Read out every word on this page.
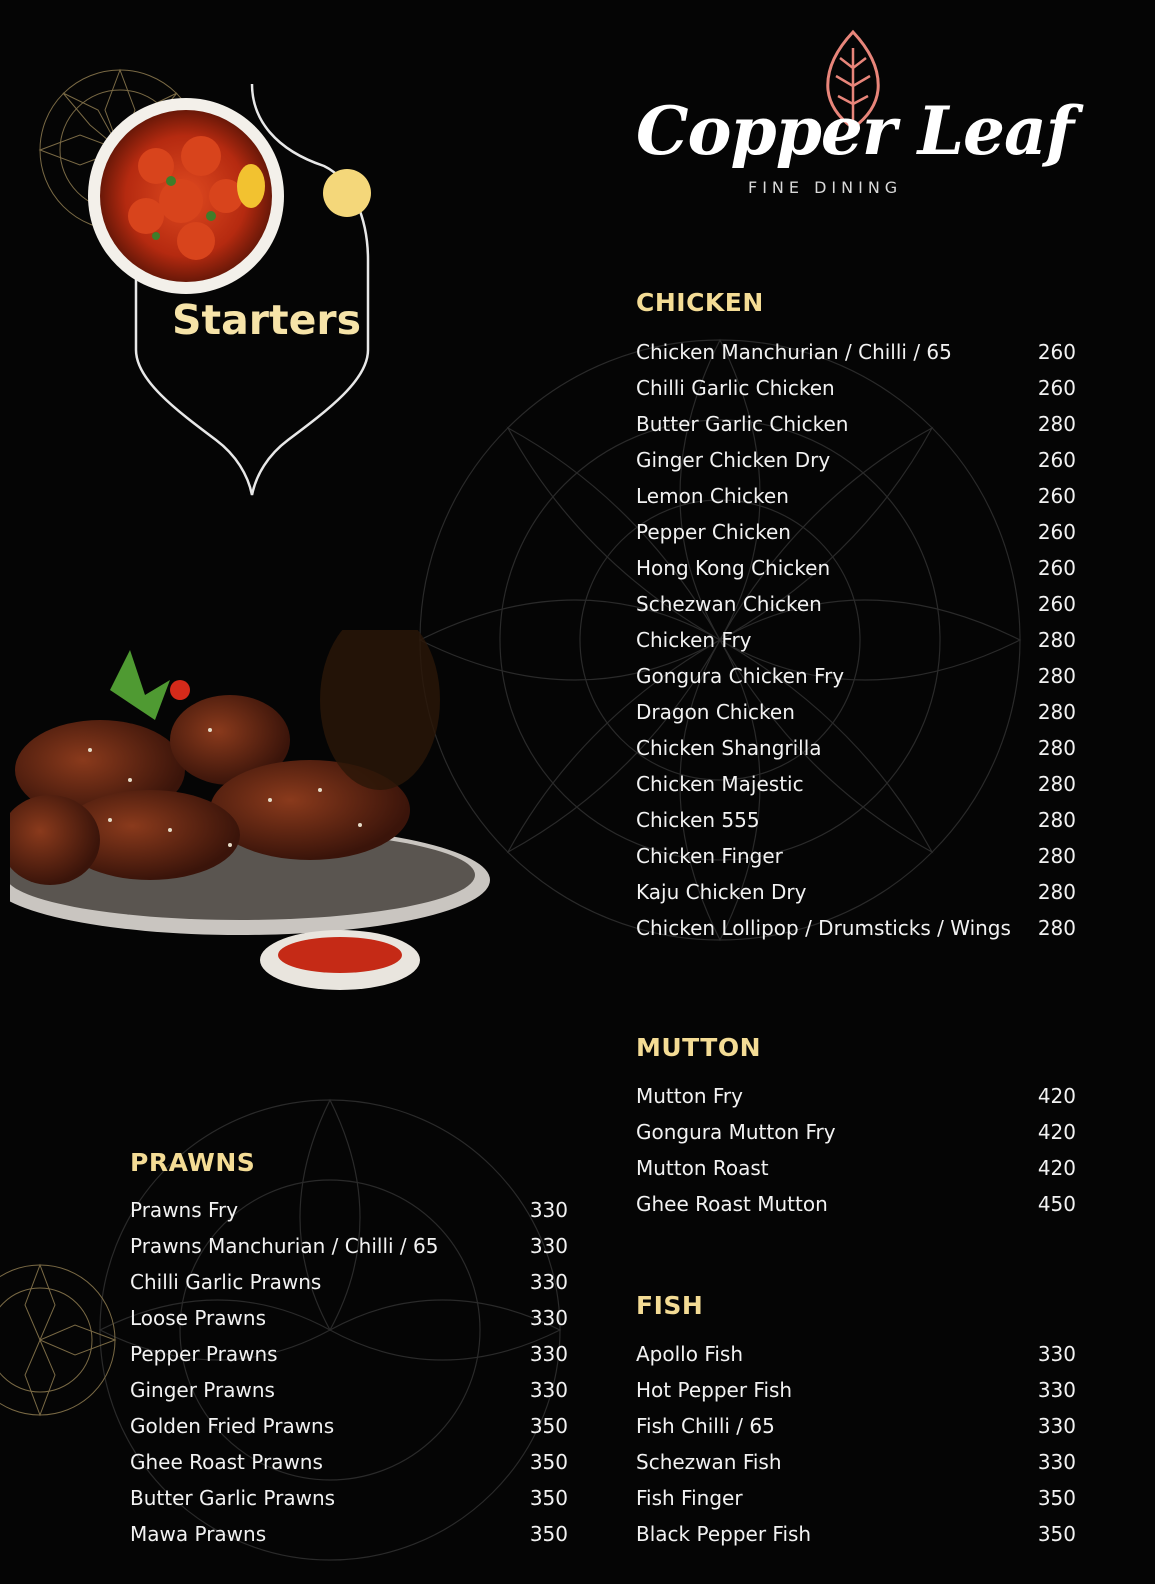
Starters
Copper Leaf
FINE DINING
CHICKEN
Chicken Manchurian / Chilli / 65	260
Chilli Garlic Chicken	260
Butter Garlic Chicken	280
Ginger Chicken Dry	260
Lemon Chicken	260
Pepper Chicken	260
Hong Kong Chicken	260
Schezwan Chicken	260
Chicken Fry	280
Gongura Chicken Fry	280
Dragon Chicken	280
Chicken Shangrilla	280
Chicken Majestic	280
Chicken 555	280
Chicken Finger	280
Kaju Chicken Dry	280
Chicken Lollipop / Drumsticks / Wings 280
MUTTON
Mutton Fry	420
Gongura Mutton Fry	420
Mutton Roast	420
Ghee Roast Mutton	450
FISH
Apollo Fish	330
Hot Pepper Fish	330
Fish Chilli / 65	330
Schezwan Fish	330
Fish Finger	350
Black Pepper Fish	350
PRAWNS
Prawns Fry	330
Prawns Manchurian / Chilli / 65	330
Chilli Garlic Prawns	330
Loose Prawns	330
Pepper Prawns	330
Ginger Prawns	330
Golden Fried Prawns	350
Ghee Roast Prawns	350
Butter Garlic Prawns	350
Mawa Prawns	350
